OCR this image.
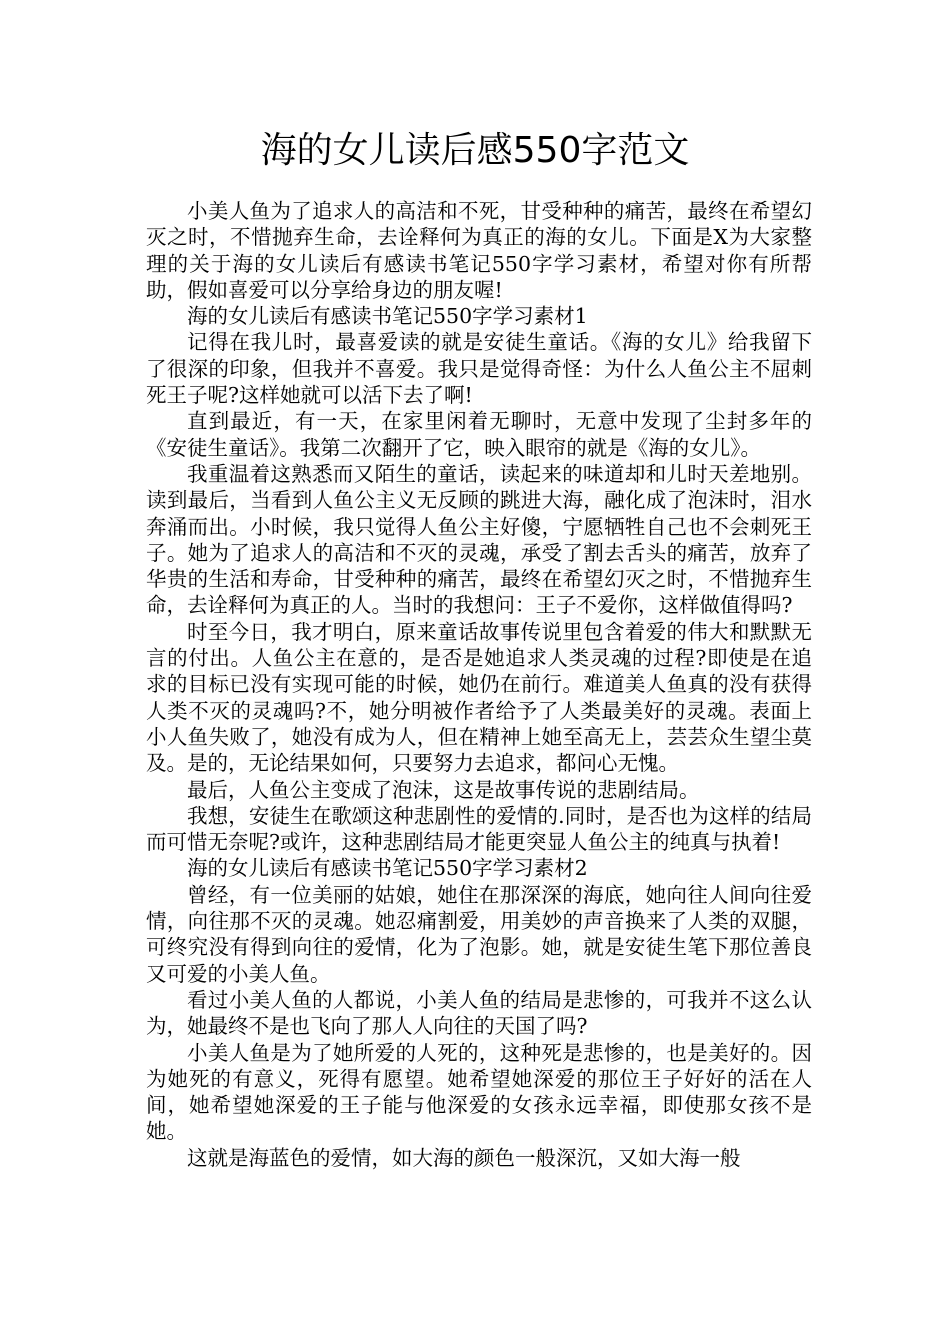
海的女儿读后感550字范文

小美人鱼为了追求人的高洁和不死，甘受种种的痛苦，最终在希望幻灭之时，不惜抛弃生命，去诠释何为真正的海的女儿。下面是X为大家整理的关于海的女儿读后有感读书笔记550字学习素材，希望对你有所帮助，假如喜爱可以分享给身边的朋友喔!

海的女儿读后有感读书笔记550字学习素材1

记得在我儿时，最喜爱读的就是安徒生童话。《海的女儿》给我留下了很深的印象，但我并不喜爱。我只是觉得奇怪：为什么人鱼公主不屈刺死王子呢?这样她就可以活下去了啊!

直到最近，有一天，在家里闲着无聊时，无意中发现了尘封多年的《安徒生童话》。我第二次翻开了它，映入眼帘的就是《海的女儿》。

我重温着这熟悉而又陌生的童话，读起来的味道却和儿时天差地别。读到最后，当看到人鱼公主义无反顾的跳进大海，融化成了泡沫时，泪水奔涌而出。小时候，我只觉得人鱼公主好傻，宁愿牺牲自己也不会刺死王子。她为了追求人的高洁和不灭的灵魂，承受了割去舌头的痛苦，放弃了华贵的生活和寿命，甘受种种的痛苦，最终在希望幻灭之时，不惜抛弃生命，去诠释何为真正的人。当时的我想问：王子不爱你，这样做值得吗?

时至今日，我才明白，原来童话故事传说里包含着爱的伟大和默默无言的付出。人鱼公主在意的，是否是她追求人类灵魂的过程?即使是在追求的目标已没有实现可能的时候，她仍在前行。难道美人鱼真的没有获得人类不灭的灵魂吗?不，她分明被作者给予了人类最美好的灵魂。表面上小人鱼失败了，她没有成为人，但在精神上她至高无上，芸芸众生望尘莫及。是的，无论结果如何，只要努力去追求，都问心无愧。

最后，人鱼公主变成了泡沫，这是故事传说的悲剧结局。

我想，安徒生在歌颂这种悲剧性的爱情的.同时，是否也为这样的结局而可惜无奈呢?或许，这种悲剧结局才能更突显人鱼公主的纯真与执着!

海的女儿读后有感读书笔记550字学习素材2

曾经，有一位美丽的姑娘，她住在那深深的海底，她向往人间向往爱情，向往那不灭的灵魂。她忍痛割爱，用美妙的声音换来了人类的双腿，可终究没有得到向往的爱情，化为了泡影。她，就是安徒生笔下那位善良又可爱的小美人鱼。

看过小美人鱼的人都说，小美人鱼的结局是悲惨的，可我并不这么认为，她最终不是也飞向了那人人向往的天国了吗?

小美人鱼是为了她所爱的人死的，这种死是悲惨的，也是美好的。因为她死的有意义，死得有愿望。她希望她深爱的那位王子好好的活在人间，她希望她深爱的王子能与他深爱的女孩永远幸福，即使那女孩不是她。

这就是海蓝色的爱情，如大海的颜色一般深沉，又如大海一般
